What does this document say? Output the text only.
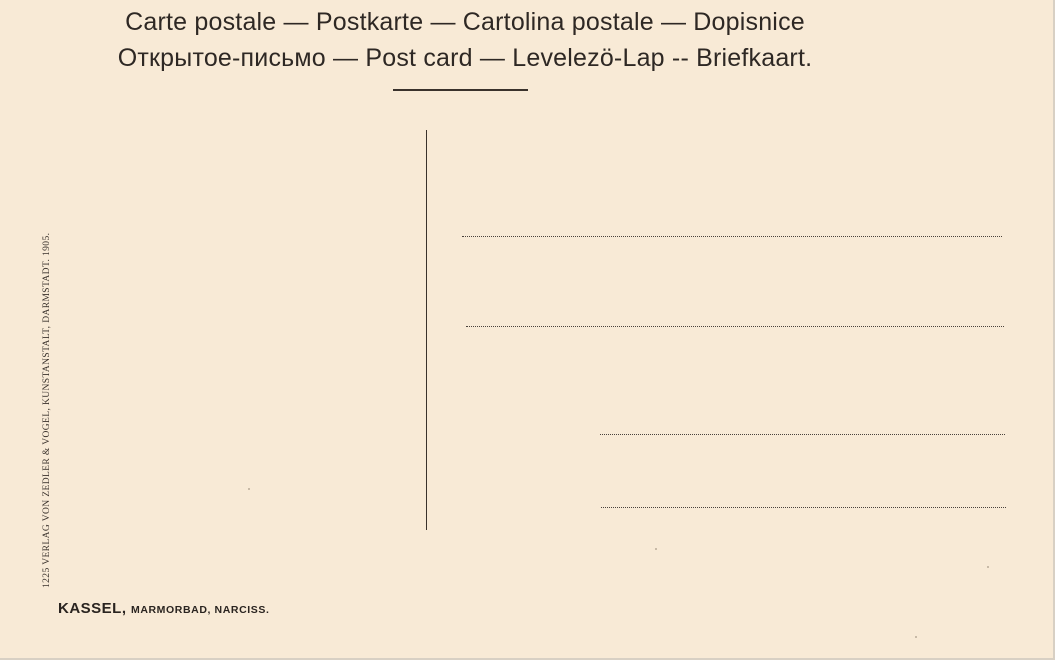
Carte postale — Postkarte — Cartolina postale — Dopisnice
Открытое-письмо — Post card — Levelezö-Lap -- Briefkaart.
1225 VERLAG VON ZEDLER & VOGEL, KUNSTANSTALT, DARMSTADT. 1905.
KASSEL, MARMORBAD, NARCISS.
